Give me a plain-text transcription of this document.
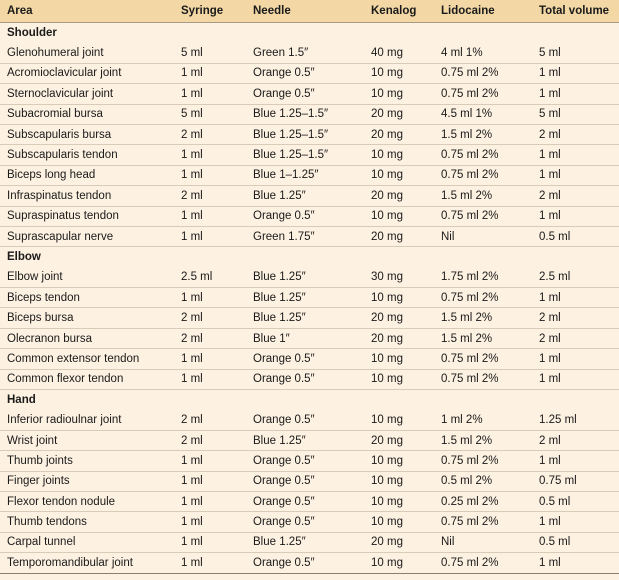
Area	Syringe	Needle	Kenalog	Lidocaine	Total volume
Shoulder					
Glenohumeral joint	5 ml	Green 1.5″	40 mg	4 ml 1%	5 ml
Acromioclavicular joint	1 ml	Orange 0.5″	10 mg	0.75 ml 2%	1 ml
Sternoclavicular joint	1 ml	Orange 0.5″	10 mg	0.75 ml 2%	1 ml
Subacromial bursa	5 ml	Blue 1.25–1.5″	20 mg	4.5 ml 1%	5 ml
Subscapularis bursa	2 ml	Blue 1.25–1.5″	20 mg	1.5 ml 2%	2 ml
Subscapularis tendon	1 ml	Blue 1.25–1.5″	10 mg	0.75 ml 2%	1 ml
Biceps long head	1 ml	Blue 1–1.25″	10 mg	0.75 ml 2%	1 ml
Infraspinatus tendon	2 ml	Blue 1.25″	20 mg	1.5 ml 2%	2 ml
Supraspinatus tendon	1 ml	Orange 0.5″	10 mg	0.75 ml 2%	1 ml
Suprascapular nerve	1 ml	Green 1.75″	20 mg	Nil	0.5 ml
Elbow					
Elbow joint	2.5 ml	Blue 1.25″	30 mg	1.75 ml 2%	2.5 ml
Biceps tendon	1 ml	Blue 1.25″	10 mg	0.75 ml 2%	1 ml
Biceps bursa	2 ml	Blue 1.25″	20 mg	1.5 ml 2%	2 ml
Olecranon bursa	2 ml	Blue 1″	20 mg	1.5 ml 2%	2 ml
Common extensor tendon	1 ml	Orange 0.5″	10 mg	0.75 ml 2%	1 ml
Common flexor tendon	1 ml	Orange 0.5″	10 mg	0.75 ml 2%	1 ml
Hand					
Inferior radioulnar joint	2 ml	Orange 0.5″	10 mg	1 ml 2%	1.25 ml
Wrist joint	2 ml	Blue 1.25″	20 mg	1.5 ml 2%	2 ml
Thumb joints	1 ml	Orange 0.5″	10 mg	0.75 ml 2%	1 ml
Finger joints	1 ml	Orange 0.5″	10 mg	0.5 ml 2%	0.75 ml
Flexor tendon nodule	1 ml	Orange 0.5″	10 mg	0.25 ml 2%	0.5 ml
Thumb tendons	1 ml	Orange 0.5″	10 mg	0.75 ml 2%	1 ml
Carpal tunnel	1 ml	Blue 1.25″	20 mg	Nil	0.5 ml
Temporomandibular joint	1 ml	Orange 0.5″	10 mg	0.75 ml 2%	1 ml
